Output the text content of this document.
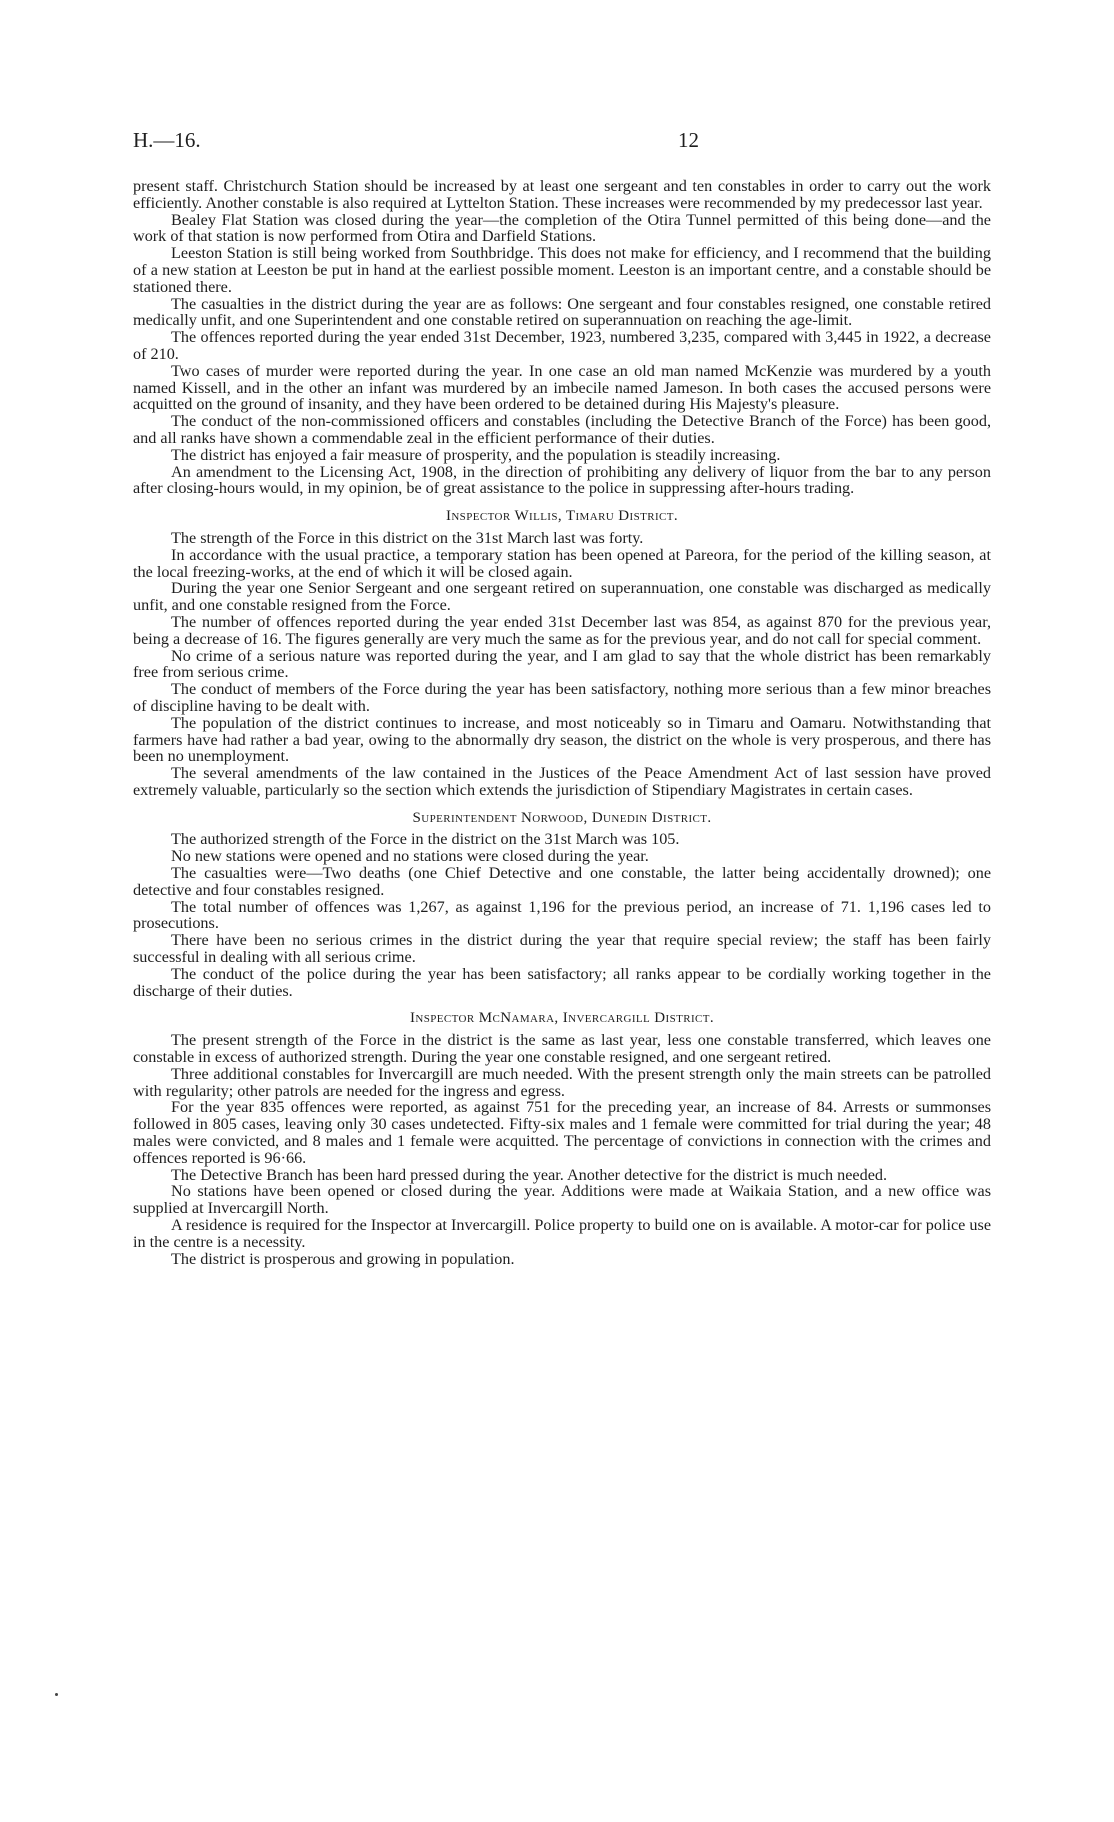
H.—16.	12

present staff. Christchurch Station should be increased by at least one sergeant and ten constables in order to carry out the work efficiently. Another constable is also required at Lyttelton Station. These increases were recommended by my predecessor last year.

Bealey Flat Station was closed during the year—the completion of the Otira Tunnel permitted of this being done—and the work of that station is now performed from Otira and Darfield Stations.

Leeston Station is still being worked from Southbridge. This does not make for efficiency, and I recommend that the building of a new station at Leeston be put in hand at the earliest possible moment. Leeston is an important centre, and a constable should be stationed there.

The casualties in the district during the year are as follows: One sergeant and four constables resigned, one constable retired medically unfit, and one Superintendent and one constable retired on superannuation on reaching the age-limit.

The offences reported during the year ended 31st December, 1923, numbered 3,235, compared with 3,445 in 1922, a decrease of 210.

Two cases of murder were reported during the year. In one case an old man named McKenzie was murdered by a youth named Kissell, and in the other an infant was murdered by an imbecile named Jameson. In both cases the accused persons were acquitted on the ground of insanity, and they have been ordered to be detained during His Majesty's pleasure.

The conduct of the non-commissioned officers and constables (including the Detective Branch of the Force) has been good, and all ranks have shown a commendable zeal in the efficient performance of their duties.

The district has enjoyed a fair measure of prosperity, and the population is steadily increasing.

An amendment to the Licensing Act, 1908, in the direction of prohibiting any delivery of liquor from the bar to any person after closing-hours would, in my opinion, be of great assistance to the police in suppressing after-hours trading.

Inspector Willis, Timaru District.

The strength of the Force in this district on the 31st March last was forty.

In accordance with the usual practice, a temporary station has been opened at Pareora, for the period of the killing season, at the local freezing-works, at the end of which it will be closed again.

During the year one Senior Sergeant and one sergeant retired on superannuation, one constable was discharged as medically unfit, and one constable resigned from the Force.

The number of offences reported during the year ended 31st December last was 854, as against 870 for the previous year, being a decrease of 16. The figures generally are very much the same as for the previous year, and do not call for special comment.

No crime of a serious nature was reported during the year, and I am glad to say that the whole district has been remarkably free from serious crime.

The conduct of members of the Force during the year has been satisfactory, nothing more serious than a few minor breaches of discipline having to be dealt with.

The population of the district continues to increase, and most noticeably so in Timaru and Oamaru. Notwithstanding that farmers have had rather a bad year, owing to the abnormally dry season, the district on the whole is very prosperous, and there has been no unemployment.

The several amendments of the law contained in the Justices of the Peace Amendment Act of last session have proved extremely valuable, particularly so the section which extends the jurisdiction of Stipendiary Magistrates in certain cases.

Superintendent Norwood, Dunedin District.

The authorized strength of the Force in the district on the 31st March was 105.

No new stations were opened and no stations were closed during the year.

The casualties were—Two deaths (one Chief Detective and one constable, the latter being accidentally drowned); one detective and four constables resigned.

The total number of offences was 1,267, as against 1,196 for the previous period, an increase of 71. 1,196 cases led to prosecutions.

There have been no serious crimes in the district during the year that require special review; the staff has been fairly successful in dealing with all serious crime.

The conduct of the police during the year has been satisfactory; all ranks appear to be cordially working together in the discharge of their duties.

Inspector McNamara, Invercargill District.

The present strength of the Force in the district is the same as last year, less one constable transferred, which leaves one constable in excess of authorized strength. During the year one constable resigned, and one sergeant retired.

Three additional constables for Invercargill are much needed. With the present strength only the main streets can be patrolled with regularity; other patrols are needed for the ingress and egress.

For the year 835 offences were reported, as against 751 for the preceding year, an increase of 84. Arrests or summonses followed in 805 cases, leaving only 30 cases undetected. Fifty-six males and 1 female were committed for trial during the year; 48 males were convicted, and 8 males and 1 female were acquitted. The percentage of convictions in connection with the crimes and offences reported is 96·66.

The Detective Branch has been hard pressed during the year. Another detective for the district is much needed.

No stations have been opened or closed during the year. Additions were made at Waikaia Station, and a new office was supplied at Invercargill North.

A residence is required for the Inspector at Invercargill. Police property to build one on is available. A motor-car for police use in the centre is a necessity.

The district is prosperous and growing in population.
